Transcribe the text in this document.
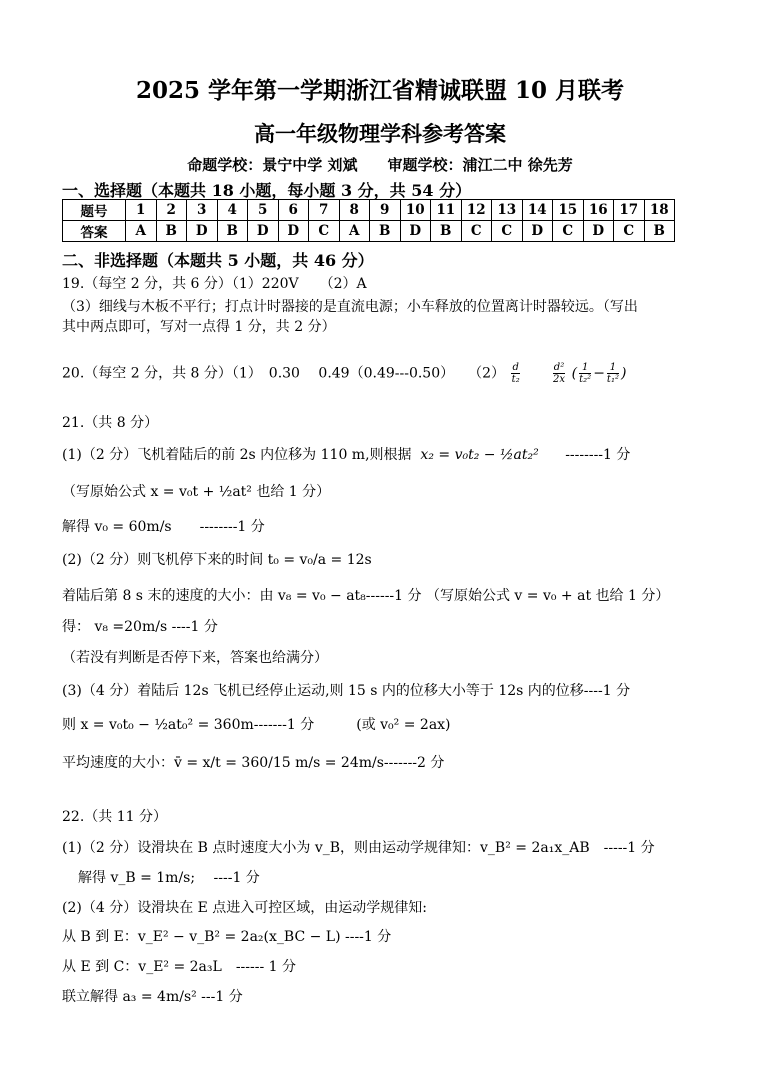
2025 学年第一学期浙江省精诚联盟 10 月联考
高一年级物理学科参考答案
命题学校：景宁中学 刘斌　　审题学校：浦江二中 徐先芳
一、选择题（本题共 18 小题，每小题 3 分，共 54 分）
题号	1	2	3	4	5	6	7	8	9	10	11	12	13	14	15	16	17	18
答案	A	B	D	B	D	D	C	A	B	D	B	C	C	D	C	D	C	B
二、非选择题（本题共 5 小题，共 46 分）
19.（每空 2 分，共 6 分）（1）220V　　（2）A
（3）细线与木板不平行；打点计时器接的是直流电源；小车释放的位置离计时器较远。（写出
其中两点即可，写对一点得 1 分，共 2 分）
20.（每空 2 分，共 8 分）（1）　0.30　 0.49（0.49---0.50）　　$(2) \frac{d}{\text{t₂}}$
	$\frac{\text{d²}}{2x}$ ( $\frac{1}{\text{t₂²}} - \frac{1}{\text{t₁²}}$ )
21.（共 8 分）
(1)（2 分）飞机着陆后的前 2s 内位移为 110 m,则根据  x₂ = v₀t₂ − ½at₂² --------1 分
（写原始公式 x = v₀t + ½at² 也给 1 分）
解得 v₀ = 60m/s　　--------1 分
(2)（2 分）则飞机停下来的时间 t₀ = v₀/a = 12s
着陆后第 8 s 末的速度的大小：由 v₈ = v₀ − at₈------1 分 （写原始公式 v = v₀ + at 也给 1 分）
得： v₈ =20m/s ----1 分
（若没有判断是否停下来，答案也给满分）
(3)（4 分）着陆后 12s 飞机已经停止运动,则 15 s 内的位移大小等于 12s 内的位移----1 分
则 x = v₀t₀ − ½at₀² = 360m-------1 分　　　(或 v₀² = 2ax)
平均速度的大小：v̄ = x/t = 360/15 m/s = 24m/s-------2 分
22.（共 11 分）
(1)（2 分）设滑块在 B 点时速度大小为 v_B，则由运动学规律知：v_B² = 2a₁x_AB　-----1 分
解得 v_B = 1m/s;　 ----1 分
(2)（4 分）设滑块在 E 点进入可控区域，由运动学规律知:
从 B 到 E：v_E² − v_B² = 2a₂(x_BC − L) ----1 分
从 E 到 C：v_E² = 2a₃L　------ 1 分
联立解得 a₃ = 4m/s² ---1 分
